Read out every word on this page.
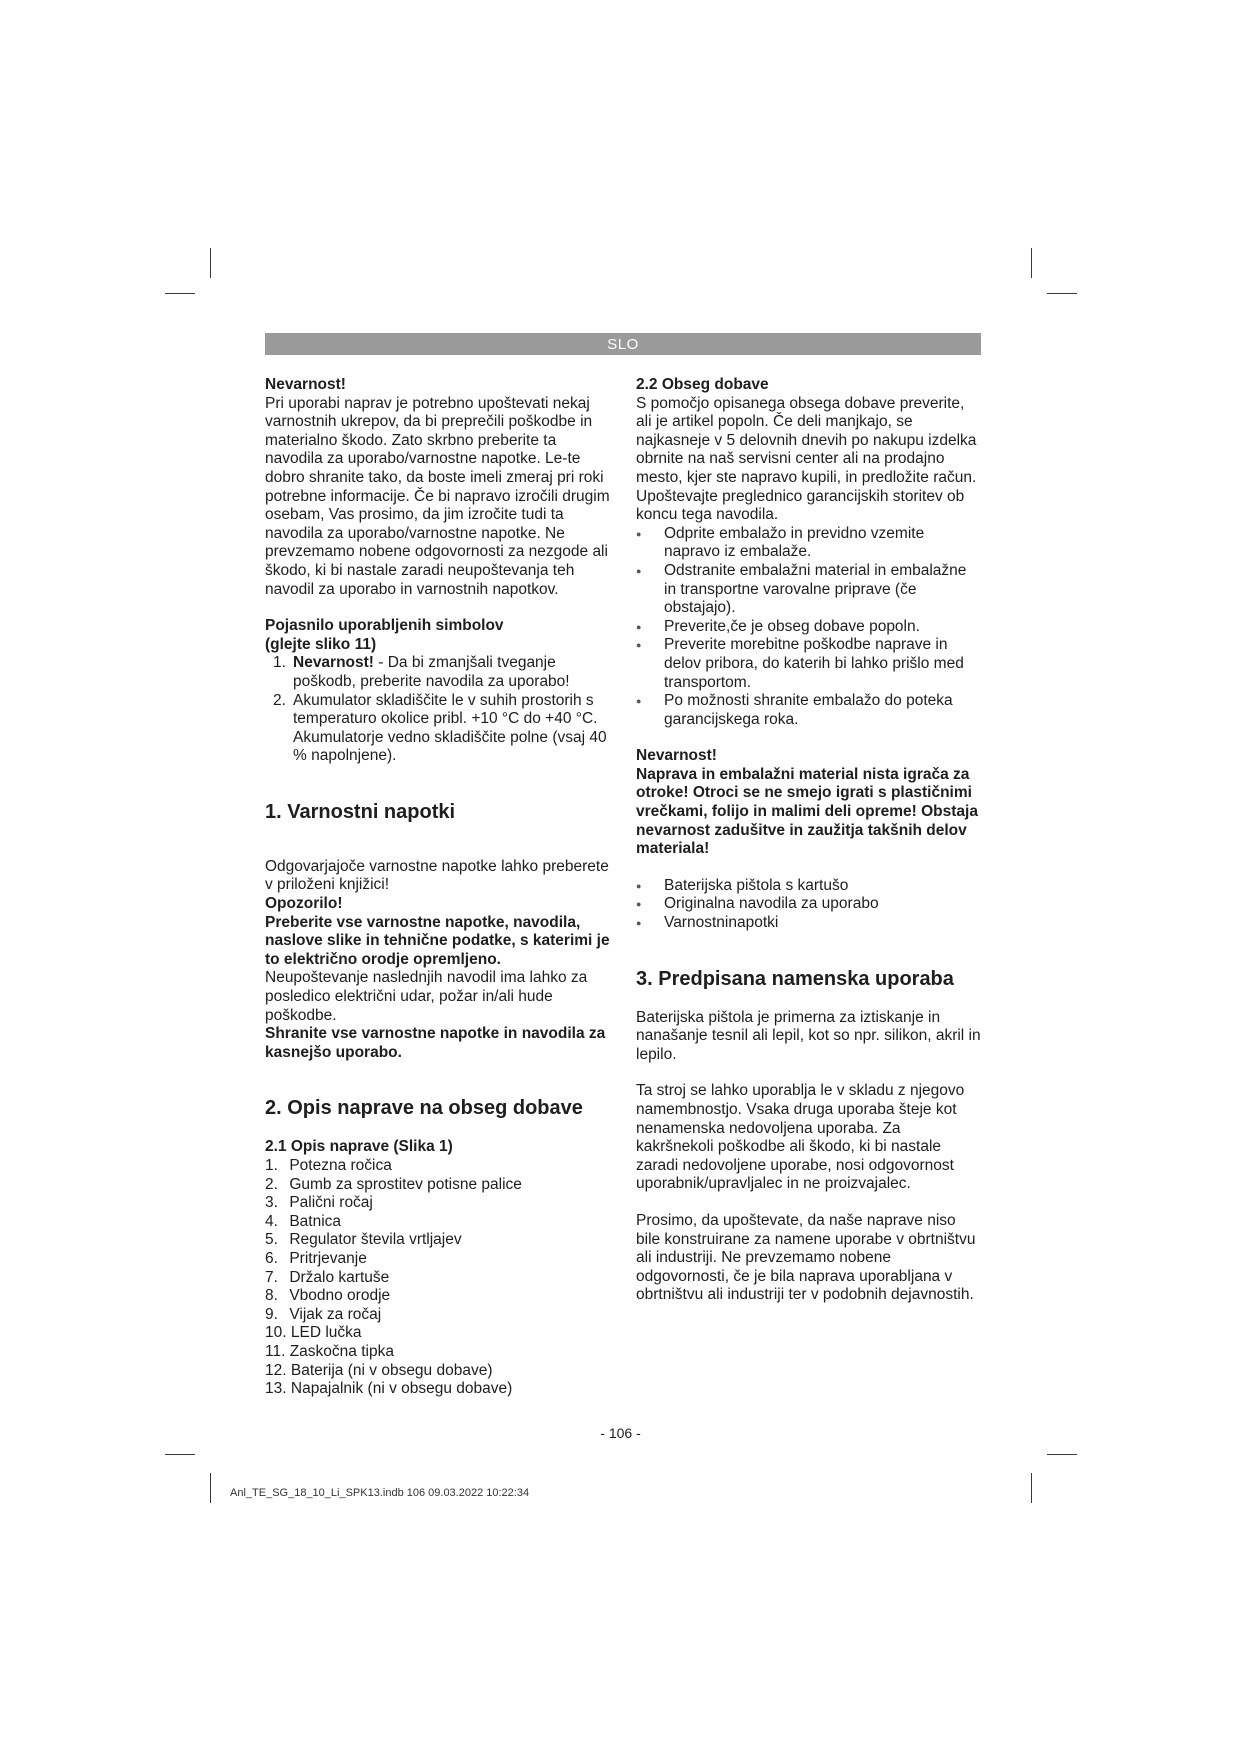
SLO

Nevarnost!

Pri uporabi naprav je potrebno upoštevati nekaj varnostnih ukrepov, da bi preprečili poškodbe in materialno škodo. Zato skrbno preberite ta navodila za uporabo/varnostne napotke. Le-te dobro shranite tako, da boste imeli zmeraj pri roki potrebne informacije. Če bi napravo izročili drugim osebam, Vas prosimo, da jim izročite tudi ta navodila za uporabo/varnostne napotke. Ne prevzemamo nobene odgovornosti za nezgode ali škodo, ki bi nastale zaradi neupoštevanja teh navodil za uporabo in varnostnih napotkov.

Pojasnilo uporabljenih simbolov

(glejte sliko 11)

1. Nevarnost! - Da bi zmanjšali tveganje poškodb, preberite navodila za uporabo!
2. Akumulator skladiščite le v suhih prostorih s temperaturo okolice pribl. +10 °C do +40 °C. Akumulatorje vedno skladiščite polne (vsaj 40 % napolnjene).
1. Varnostni napotki

Odgovarjajoče varnostne napotke lahko preberete v priloženi knjižici!

Opozorilo!

Preberite vse varnostne napotke, navodila, naslove slike in tehnične podatke, s katerimi je to električno orodje opremljeno.

Neupoštevanje naslednjih navodil ima lahko za posledico električni udar, požar in/ali hude poškodbe.

Shranite vse varnostne napotke in navodila za kasnejšo uporabo.

2. Opis naprave na obseg dobave

2.1 Opis naprave (Slika 1)

1. Potezna ročica
2. Gumb za sprostitev potisne palice
3. Palični ročaj
4. Batnica
5. Regulator števila vrtljajev
6. Pritrjevanje
7. Držalo kartuše
8. Vbodno orodje
9. Vijak za ročaj
10. LED lučka
11. Zaskočna tipka
12. Baterija (ni v obsegu dobave)
13. Napajalnik (ni v obsegu dobave)

2.2 Obseg dobave

S pomočjo opisanega obsega dobave preverite, ali je artikel popoln. Če deli manjkajo, se najkasneje v 5 delovnih dnevih po nakupu izdelka obrnite na naš servisni center ali na prodajno mesto, kjer ste napravo kupili, in predložite račun. Upoštevajte preglednico garancijskih storitev ob koncu tega navodila.

● Odprite embalažo in previdno vzemite napravo iz embalaže.
● Odstranite embalažni material in embalažne in transportne varovalne priprave (če obstajajo).
● Preverite,če je obseg dobave popoln.
● Preverite morebitne poškodbe naprave in delov pribora, do katerih bi lahko prišlo med transportom.
● Po možnosti shranite embalažo do poteka garancijskega roka.

Nevarnost!

Naprava in embalažni material nista igrača za otroke! Otroci se ne smejo igrati s plastičnimi vrečkami, folijo in malimi deli opreme! Obstaja nevarnost zadušitve in zaužitja takšnih delov materiala!

● Baterijska pištola s kartušo
● Originalna navodila za uporabo
● Varnostninapotki
3. Predpisana namenska uporaba

Baterijska pištola je primerna za iztiskanje in nanašanje tesnil ali lepil, kot so npr. silikon, akril in lepilo.

Ta stroj se lahko uporablja le v skladu z njegovo namembnostjo. Vsaka druga uporaba šteje kot nenamenska nedovoljena uporaba. Za kakršnekoli poškodbe ali škodo, ki bi nastale zaradi nedovoljene uporabe, nosi odgovornost uporabnik/upravljalec in ne proizvajalec.

Prosimo, da upoštevate, da naše naprave niso bile konstruirane za namene uporabe v obrtništvu ali industriji. Ne prevzemamo nobene odgovornosti, če je bila naprava uporabljana v obrtništvu ali industriji ter v podobnih dejavnostih.

- 106 -
Anl_TE_SG_18_10_Li_SPK13.indb 106 09.03.2022 10:22:34
